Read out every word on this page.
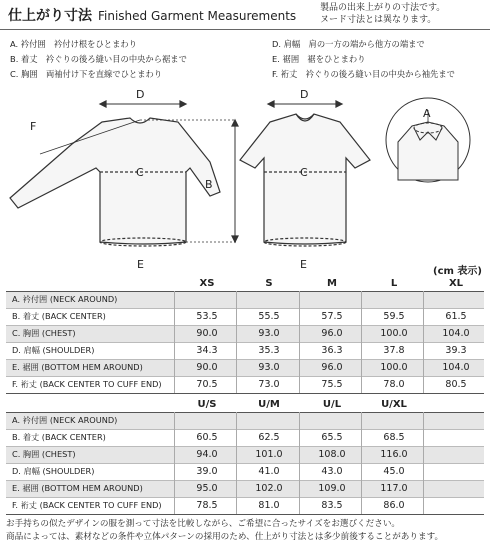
仕上がり寸法 Finished Garment Measurements
製品の出来上がりの寸法です。
ヌード寸法とは異なります。
A. 衿付囲　衿付け根をひとまわり
B. 着丈　衿ぐりの後ろ縫い目の中央から裾まで
C. 胸囲　両袖付け下を直線でひとまわり
D. 肩幅　肩の一方の端から他方の端まで
E. 裾囲　裾をひとまわり
F. 裄丈　衿ぐりの後ろ縫い目の中央から袖先まで
D
F
C
E
B
D
C
E
A
(cm 表示)
XS	S	M	L	XL
A. 衿付囲 (NECK AROUND)
B. 着丈 (BACK CENTER)	53.5	55.5	57.5	59.5	61.5
C. 胸囲 (CHEST)	90.0	93.0	96.0	100.0	104.0
D. 肩幅 (SHOULDER)	34.3	35.3	36.3	37.8	39.3
E. 裾囲 (BOTTOM HEM AROUND)	90.0	93.0	96.0	100.0	104.0
F. 裄丈 (BACK CENTER TO CUFF END)	70.5	73.0	75.5	78.0	80.5
U/S	U/M	U/L	U/XL
A. 衿付囲 (NECK AROUND)
B. 着丈 (BACK CENTER)	60.5	62.5	65.5	68.5
C. 胸囲 (CHEST)	94.0	101.0	108.0	116.0
D. 肩幅 (SHOULDER)	39.0	41.0	43.0	45.0
E. 裾囲 (BOTTOM HEM AROUND)	95.0	102.0	109.0	117.0
F. 裄丈 (BACK CENTER TO CUFF END)	78.5	81.0	83.5	86.0
お手持ちの似たデザインの服を測って寸法を比較しながら、ご希望に合ったサイズをお選びください。
商品によっては、素材などの条件や立体パターンの採用のため、仕上がり寸法とは多少前後することがあります。
